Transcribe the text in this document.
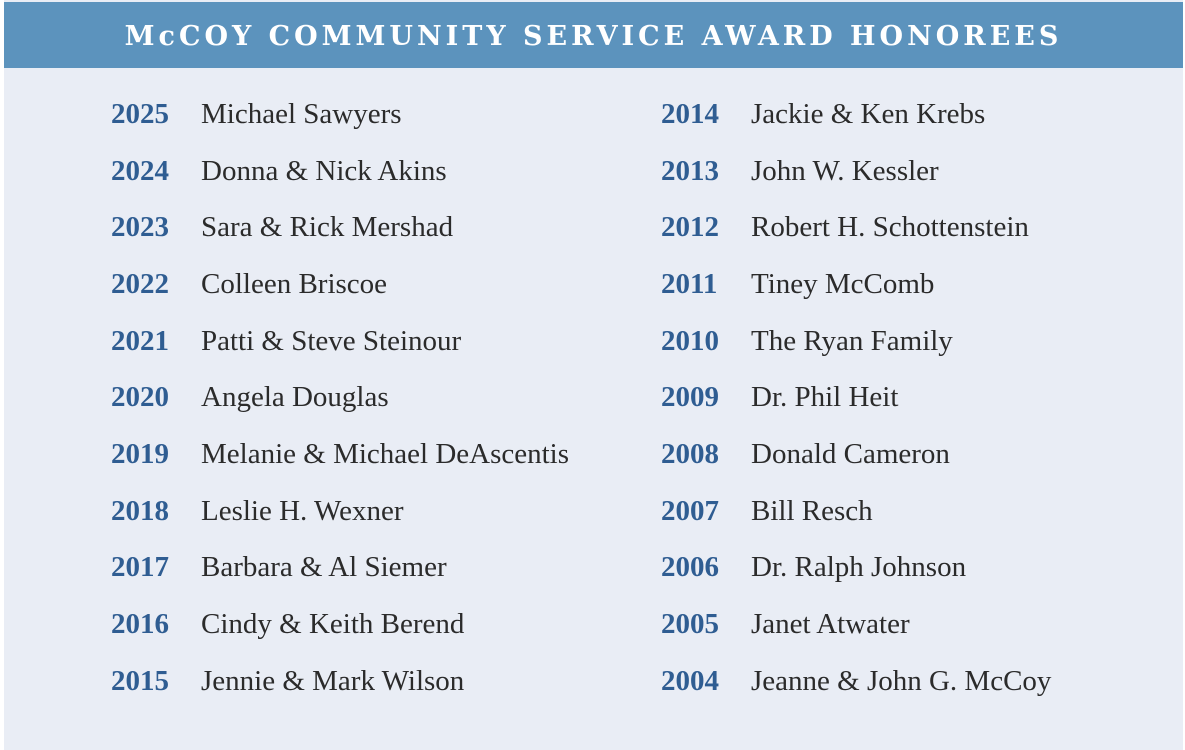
McCOY COMMUNITY SERVICE AWARD HONOREES
2025	Michael Sawyers
2024	Donna & Nick Akins
2023	Sara & Rick Mershad
2022	Colleen Briscoe
2021	Patti & Steve Steinour
2020	Angela Douglas
2019	Melanie & Michael DeAscentis
2018	Leslie H. Wexner
2017	Barbara & Al Siemer
2016	Cindy & Keith Berend
2015	Jennie & Mark Wilson
2014	Jackie & Ken Krebs
2013	John W. Kessler
2012	Robert H. Schottenstein
2011	Tiney McComb
2010	The Ryan Family
2009	Dr. Phil Heit
2008	Donald Cameron
2007	Bill Resch
2006	Dr. Ralph Johnson
2005	Janet Atwater
2004	Jeanne & John G. McCoy
